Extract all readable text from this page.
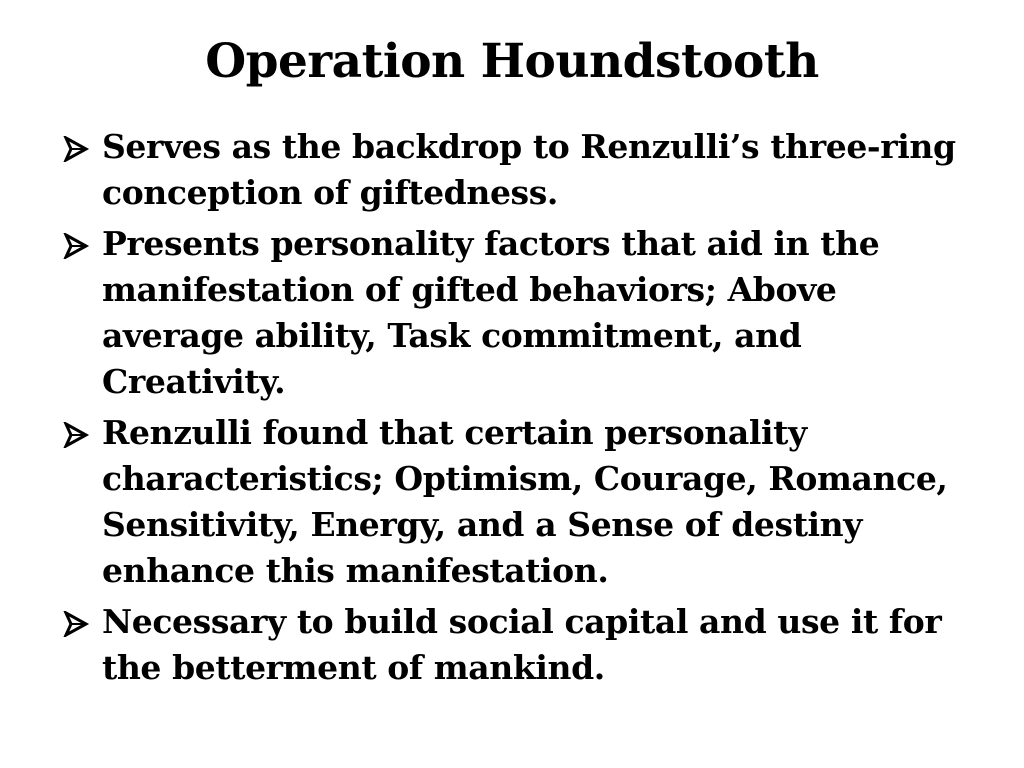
Operation Houndstooth
Serves as the backdrop to Renzulli’s three-ring conception of giftedness.
Presents personality factors that aid in the manifestation of gifted behaviors; Above average ability, Task commitment, and Creativity.
Renzulli found that certain personality characteristics; Optimism, Courage, Romance, Sensitivity, Energy, and a Sense of destiny enhance this manifestation.
Necessary to build social capital and use it for the betterment of mankind.
